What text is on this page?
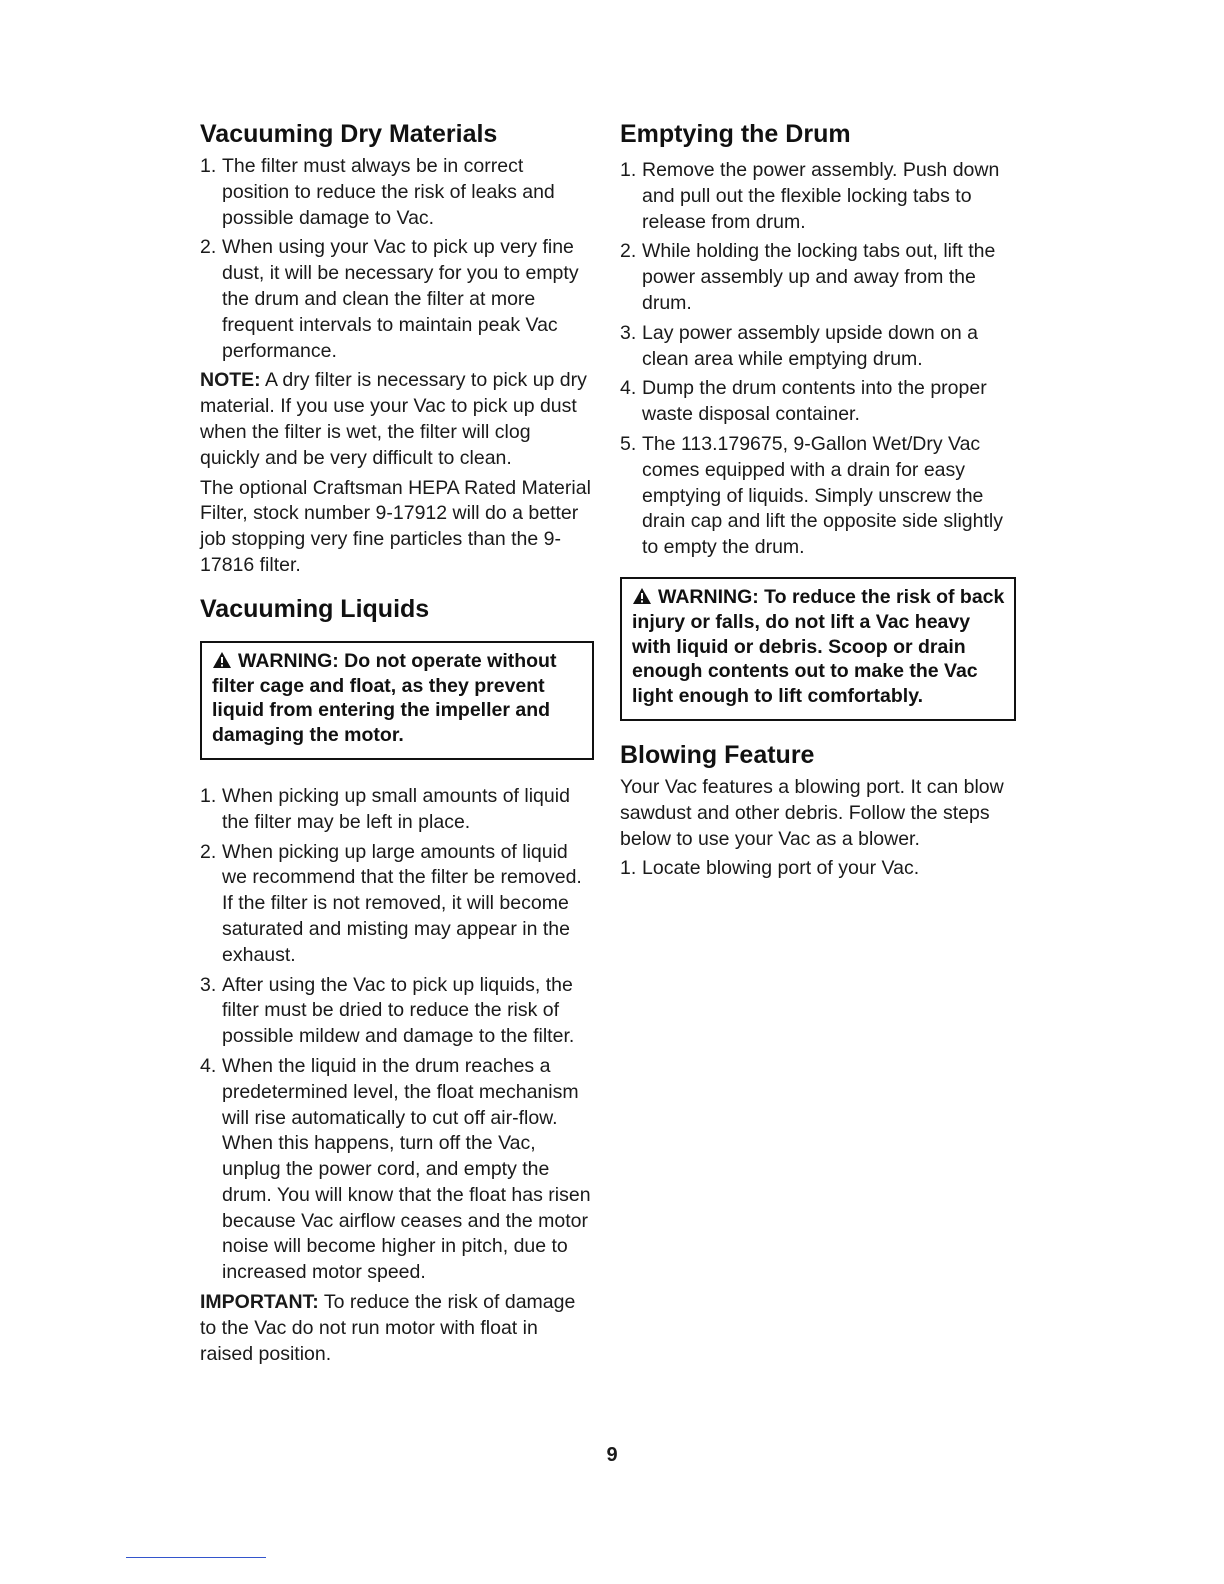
Vacuuming Dry Materials
1. The filter must always be in correct position to reduce the risk of leaks and possible damage to Vac.
2. When using your Vac to pick up very fine dust, it will be necessary for you to empty the drum and clean the filter at more frequent intervals to maintain peak Vac performance.

NOTE: A dry filter is necessary to pick up dry material. If you use your Vac to pick up dust when the filter is wet, the filter will clog quickly and be very difficult to clean.

The optional Craftsman HEPA Rated Material Filter, stock number 9-17912 will do a better job stopping very fine particles than the 9-17816 filter.

Vacuuming Liquids
WARNING: Do not operate without filter cage and float, as they prevent liquid from entering the impeller and damaging the motor.
1. When picking up small amounts of liquid the filter may be left in place.
2. When picking up large amounts of liquid we recommend that the filter be removed. If the filter is not removed, it will become saturated and misting may appear in the exhaust.
3. After using the Vac to pick up liquids, the filter must be dried to reduce the risk of possible mildew and damage to the filter.
4. When the liquid in the drum reaches a predetermined level, the float mechanism will rise automatically to cut off air-flow. When this happens, turn off the Vac, unplug the power cord, and empty the drum. You will know that the float has risen because Vac airflow ceases and the motor noise will become higher in pitch, due to increased motor speed.

IMPORTANT: To reduce the risk of damage to the Vac do not run motor with float in raised position.

Emptying the Drum
1. Remove the power assembly. Push down and pull out the flexible locking tabs to release from drum.
2. While holding the locking tabs out, lift the power assembly up and away from the drum.
3. Lay power assembly upside down on a clean area while emptying drum.
4. Dump the drum contents into the proper waste disposal container.
5. The 113.179675, 9-Gallon Wet/Dry Vac comes equipped with a drain for easy emptying of liquids. Simply unscrew the drain cap and lift the opposite side slightly to empty the drum.
WARNING: To reduce the risk of back injury or falls, do not lift a Vac heavy with liquid or debris. Scoop or drain enough contents out to make the Vac light enough to lift comfortably.
Blowing Feature

Your Vac features a blowing port. It can blow sawdust and other debris. Follow the steps below to use your Vac as a blower.

1. Locate blowing port of your Vac.
9
